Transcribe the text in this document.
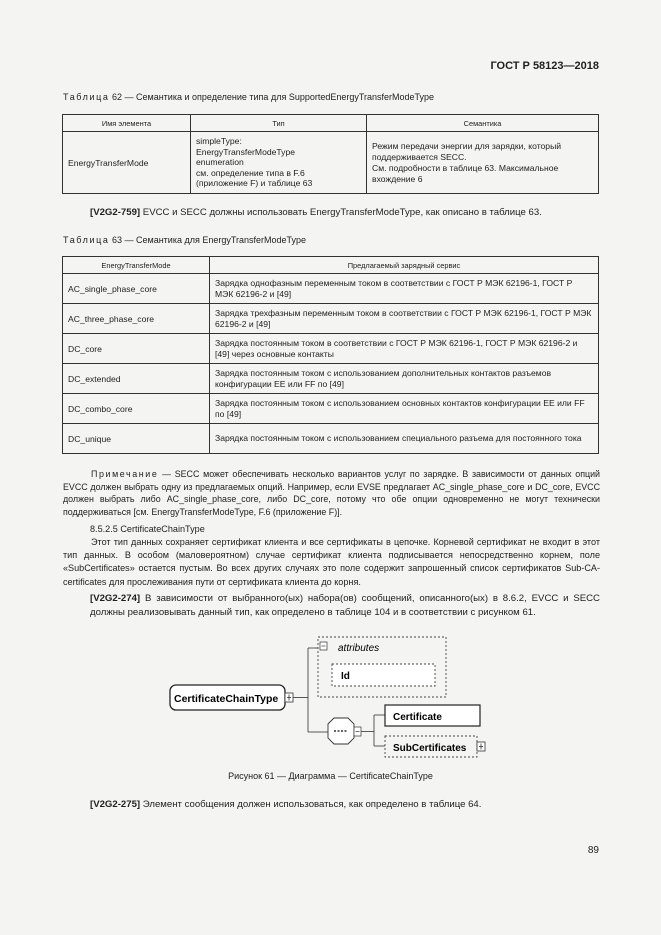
ГОСТ Р 58123—2018
Таблица 62 — Семантика и определение типа для SupportedEnergyTransferModeType
Имя элемента	Тип	Семантика
EnergyTransferMode	simpleType:
EnergyTransferModeType
enumeration
см. определение типа в F.6
(приложение F) и таблице 63	Режим передачи энергии для зарядки, который
поддерживается SECC.
См. подробности в таблице 63. Максимальное
вхождение 6
[V2G2-759] EVCC и SECC должны использовать EnergyTransferModeType, как описано в таблице 63.
Таблица 63 — Семантика для EnergyTransferModeType
EnergyTransferMode	Предлагаемый зарядный сервис
AC_single_phase_core	Зарядка однофазным переменным током в соответствии с ГОСТ Р МЭК 62196-1, ГОСТ Р МЭК 62196-2 и [49]
AC_three_phase_core	Зарядка трехфазным переменным током в соответствии с ГОСТ Р МЭК 62196-1, ГОСТ Р МЭК 62196-2 и [49]
DC_core	Зарядка постоянным током в соответствии с ГОСТ Р МЭК 62196-1, ГОСТ Р МЭК 62196-2 и [49] через основные контакты
DC_extended	Зарядка постоянным током с использованием дополнительных контактов разъемов конфигурации EE или FF по [49]
DC_combo_core	Зарядка постоянным током с использованием основных контактов конфигурации EE или FF по [49]
DC_unique	Зарядка постоянным током с использованием специального разъема для постоянного тока
Примечание — SECC может обеспечивать несколько вариантов услуг по зарядке. В зависимости от данных опций EVCC должен выбрать одну из предлагаемых опций. Например, если EVSE предлагает AC_single_phase_core и DC_core, EVCC должен выбрать либо AC_single_phase_core, либо DC_core, потому что обе опции одновременно не могут технически поддерживаться [см. EnergyTransferModeType, F.6 (приложение F)].
8.5.2.5 CertificateChainType
Этот тип данных сохраняет сертификат клиента и все сертификаты в цепочке. Корневой сертификат не входит в этот тип данных. В особом (маловероятном) случае сертификат клиента подписывается непосредственно корнем, поле «SubCertificates» остается пустым. Во всех других случаях это поле содержит запрошенный список сертификатов Sub-CA-certificates для прослеживания пути от сертификата клиента до корня.
[V2G2-274] В зависимости от выбранного(ых) набора(ов) сообщений, описанного(ых) в 8.6.2, EVCC и SECC должны реализовывать данный тип, как определено в таблице 104 и в соответствии с рисунком 61.
CertificateChainType
attributes
Id
Certificate
SubCertificates
Рисунок 61 — Диаграмма — CertificateChainType
[V2G2-275] Элемент сообщения должен использоваться, как определено в таблице 64.
89
